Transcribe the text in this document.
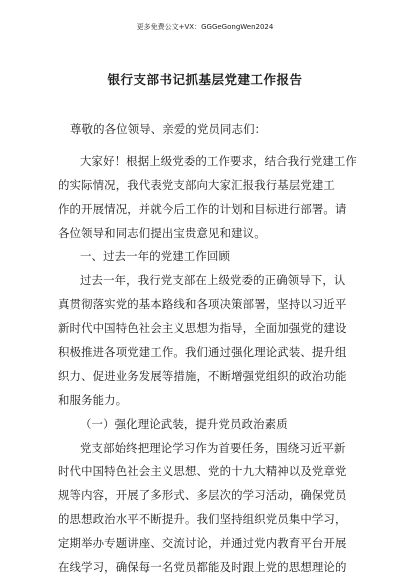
更多免费公文+VX：GGGeGongWen2024
银行支部书记抓基层党建工作报告
尊敬的各位领导、亲爱的党员同志们：
大家好！根据上级党委的工作要求，结合我行党建工作
的实际情况，我代表党支部向大家汇报我行基层党建工
作的开展情况，并就今后工作的计划和目标进行部署。请
各位领导和同志们提出宝贵意见和建议。
一、过去一年的党建工作回顾
过去一年，我行党支部在上级党委的正确领导下，认
真贯彻落实党的基本路线和各项决策部署，坚持以习近平
新时代中国特色社会主义思想为指导，全面加强党的建设
积极推进各项党建工作。我们通过强化理论武装、提升组
织力、促进业务发展等措施，不断增强党组织的政治功能
和服务能力。
（一）强化理论武装，提升党员政治素质
党支部始终把理论学习作为首要任务，围绕习近平新
时代中国特色社会主义思想、党的十九大精神以及党章党
规等内容，开展了多形式、多层次的学习活动，确保党员
的思想政治水平不断提升。我们坚持组织党员集中学习，
定期举办专题讲座、交流讨论，并通过党内教育平台开展
在线学习，确保每一名党员都能及时跟上党的思想理论的
